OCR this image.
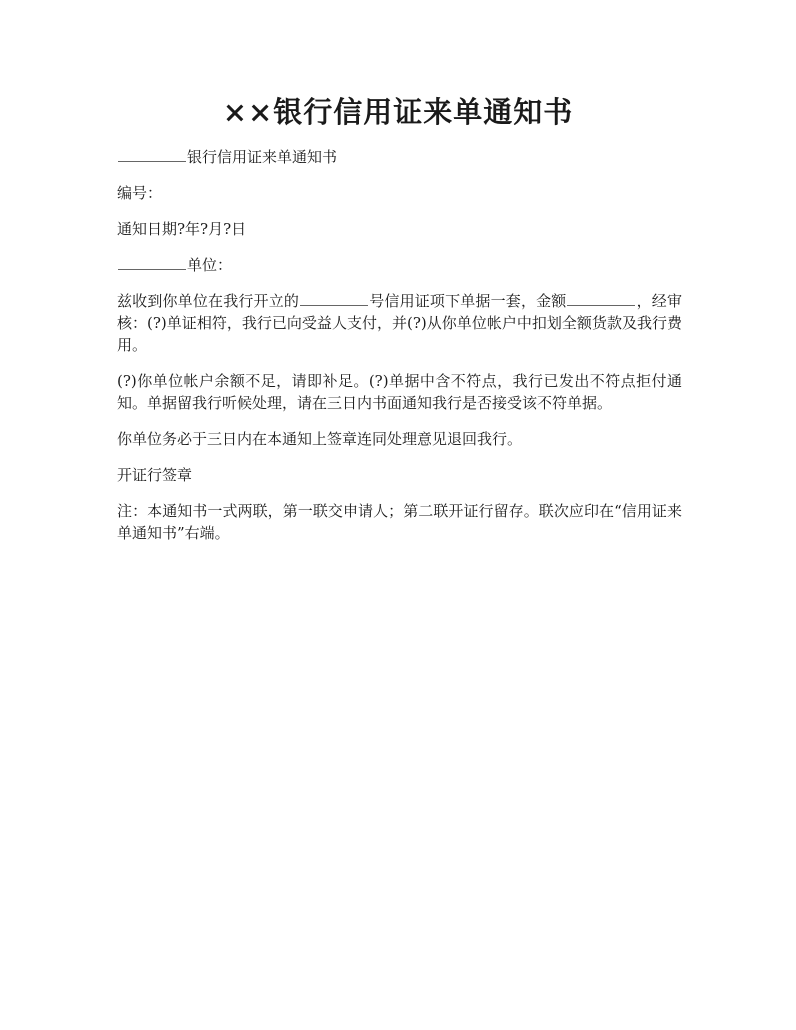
××银行信用证来单通知书

银行信用证来单通知书

编号：

通知日期?年?月?日

单位：

兹收到你单位在我行开立的	号信用证项下单据一套，金额	，经审核：(?)单证相符，我行已向受益人支付，并(?)从你单位帐户中扣划全额货款及我行费用。

(?)你单位帐户余额不足，请即补足。(?)单据中含不符点，我行已发出不符点拒付通知。单据留我行听候处理，请在三日内书面通知我行是否接受该不符单据。

你单位务必于三日内在本通知上签章连同处理意见退回我行。

开证行签章

注：本通知书一式两联，第一联交申请人；第二联开证行留存。联次应印在“信用证来单通知书”右端。
